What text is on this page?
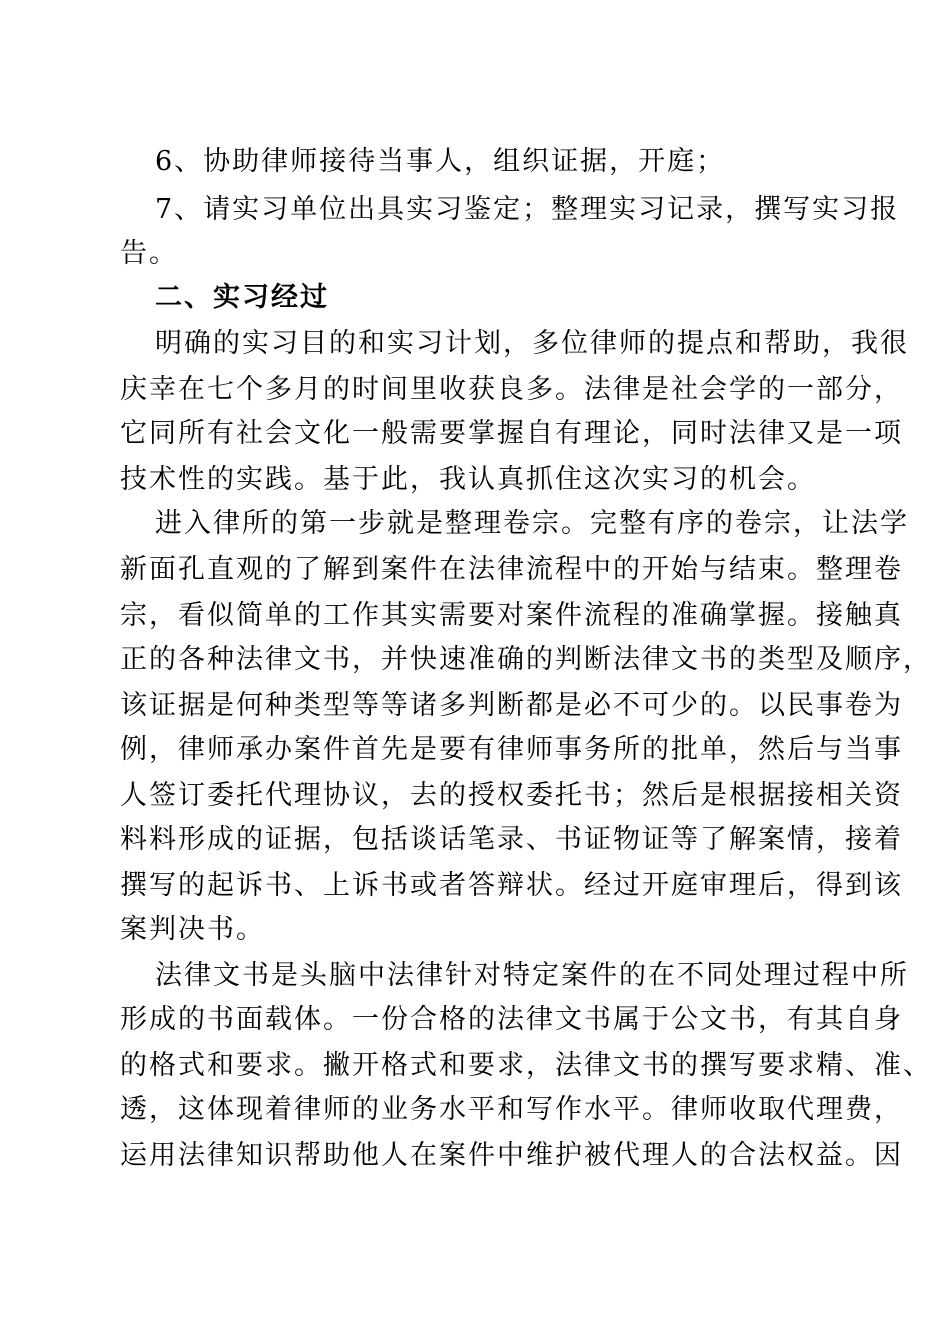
6、协助律师接待当事人，组织证据，开庭；
7、请实习单位出具实习鉴定；整理实习记录，撰写实习报
告。
二、实习经过
明确的实习目的和实习计划，多位律师的提点和帮助，我很
庆幸在七个多月的时间里收获良多。法律是社会学的一部分，
它同所有社会文化一般需要掌握自有理论，同时法律又是一项
技术性的实践。基于此，我认真抓住这次实习的机会。
进入律所的第一步就是整理卷宗。完整有序的卷宗，让法学
新面孔直观的了解到案件在法律流程中的开始与结束。整理卷
宗，看似简单的工作其实需要对案件流程的准确掌握。接触真
正的各种法律文书，并快速准确的判断法律文书的类型及顺序，
该证据是何种类型等等诸多判断都是必不可少的。以民事卷为
例，律师承办案件首先是要有律师事务所的批单，然后与当事
人签订委托代理协议，去的授权委托书；然后是根据接相关资
料料形成的证据，包括谈话笔录、书证物证等了解案情，接着
撰写的起诉书、上诉书或者答辩状。经过开庭审理后，得到该
案判决书。
法律文书是头脑中法律针对特定案件的在不同处理过程中所
形成的书面载体。一份合格的法律文书属于公文书，有其自身
的格式和要求。撇开格式和要求，法律文书的撰写要求精、准、
透，这体现着律师的业务水平和写作水平。律师收取代理费，
运用法律知识帮助他人在案件中维护被代理人的合法权益。因
